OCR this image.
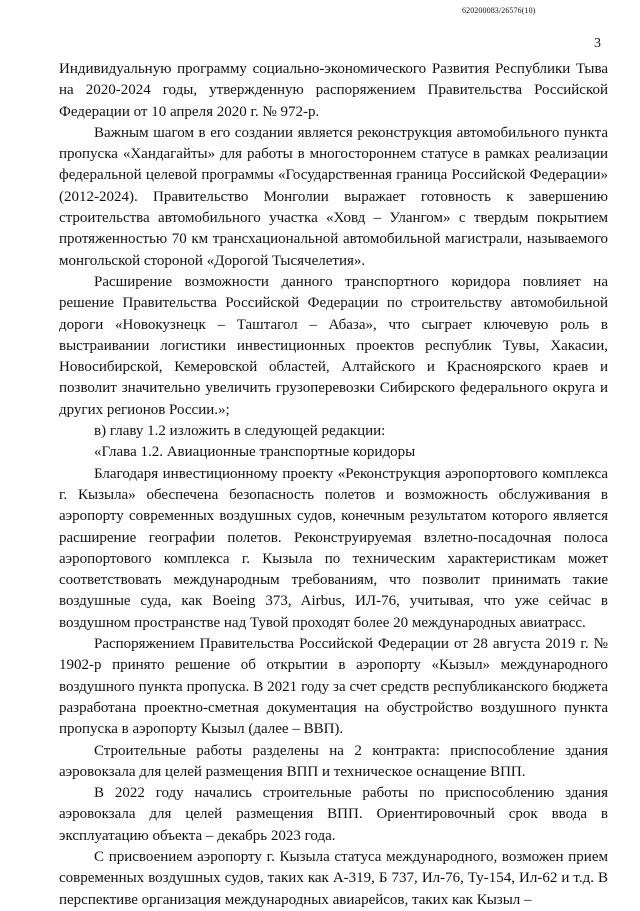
620200083/26576(10)
3

Индивидуальную программу социально-экономического Развития Республики Тыва на 2020-2024 годы, утвержденную распоряжением Правительства Российской Федерации от 10 апреля 2020 г. № 972-р.

Важным шагом в его создании является реконструкция автомобильного пункта пропуска «Хандагайты» для работы в многостороннем статусе в рамках реализации федеральной целевой программы «Государственная граница Российской Федерации» (2012-2024). Правительство Монголии выражает готовность к завершению строительства автомобильного участка «Ховд – Улангом» с твердым покрытием протяженностью 70 км трансхациональной автомобильной магистрали, называемого монгольской стороной «Дорогой Тысячелетия».

Расширение возможности данного транспортного коридора повлияет на решение Правительства Российской Федерации по строительству автомобильной дороги «Новокузнецк – Таштагол – Абаза», что сыграет ключевую роль в выстраивании логистики инвестиционных проектов республик Тувы, Хакасии, Новосибирской, Кемеровской областей, Алтайского и Красноярского краев и позволит значительно увеличить грузоперевозки Сибирского федерального округа и других регионов России.»;

в) главу 1.2 изложить в следующей редакции:

«Глава 1.2. Авиационные транспортные коридоры

Благодаря инвестиционному проекту «Реконструкция аэропортового комплекса г. Кызыла» обеспечена безопасность полетов и возможность обслуживания в аэропорту современных воздушных судов, конечным результатом которого является расширение географии полетов. Реконструируемая взлетно-посадочная полоса аэропортового комплекса г. Кызыла по техническим характеристикам может соответствовать международным требованиям, что позволит принимать такие воздушные суда, как Boeing 373, Airbus, ИЛ-76, учитывая, что уже сейчас в воздушном пространстве над Тувой проходят более 20 международных авиатрасс.

Распоряжением Правительства Российской Федерации от 28 августа 2019 г. № 1902-р принято решение об открытии в аэропорту «Кызыл» международного воздушного пункта пропуска. В 2021 году за счет средств республиканского бюджета разработана проектно-сметная документация на обустройство воздушного пункта пропуска в аэропорту Кызыл (далее – ВВП).

Строительные работы разделены на 2 контракта: приспособление здания аэровокзала для целей размещения ВПП и техническое оснащение ВПП.

В 2022 году начались строительные работы по приспособлению здания аэровокзала для целей размещения ВПП. Ориентировочный срок ввода в эксплуатацию объекта – декабрь 2023 года.

С присвоением аэропорту г. Кызыла статуса международного, возможен прием современных воздушных судов, таких как А-319, Б 737, Ил-76, Ту-154, Ил-62 и т.д. В перспективе организация международных авиарейсов, таких как Кызыл –
